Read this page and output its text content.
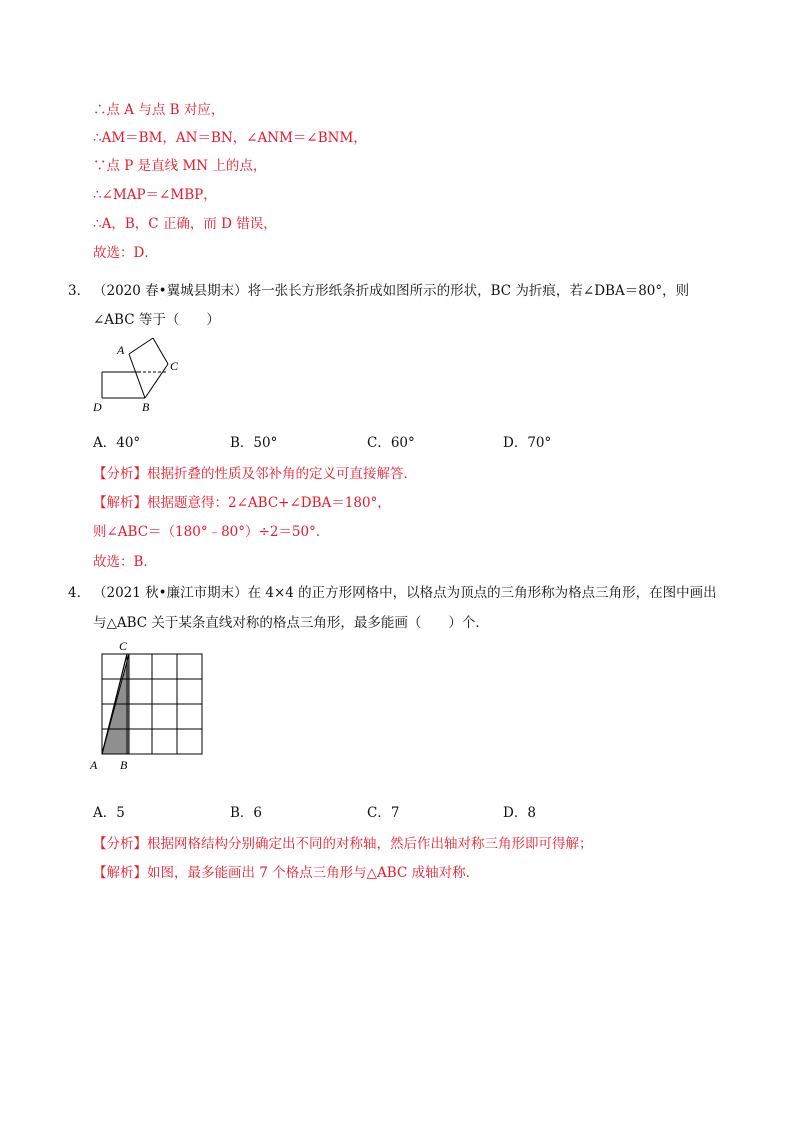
∴点 A 与点 B 对应，
∴AM＝BM，AN＝BN，∠ANM＝∠BNM，
∵点 P 是直线 MN 上的点，
∴∠MAP＝∠MBP，
∴A，B，C 正确，而 D 错误，
故选：D．
3． （2020 春•翼城县期末）将一张长方形纸条折成如图所示的形状，BC 为折痕，若∠DBA＝80°，则
∠ABC 等于（　　）
A
C
D	B
A．40°	B．50°	C．60°	D．70°
【分析】根据折叠的性质及邻补角的定义可直接解答．
【解析】根据题意得：2∠ABC+∠DBA＝180°，
则∠ABC＝（180°﹣80°）÷2＝50°．
故选：B．
4． （2021 秋•廉江市期末）在 4×4 的正方形网格中，以格点为顶点的三角形称为格点三角形，在图中画出
与△ABC 关于某条直线对称的格点三角形，最多能画（　　）个．
C
A B
A．5	B．6	C．7	D．8
【分析】根据网格结构分别确定出不同的对称轴，然后作出轴对称三角形即可得解；
【解析】如图，最多能画出 7 个格点三角形与△ABC 成轴对称．
